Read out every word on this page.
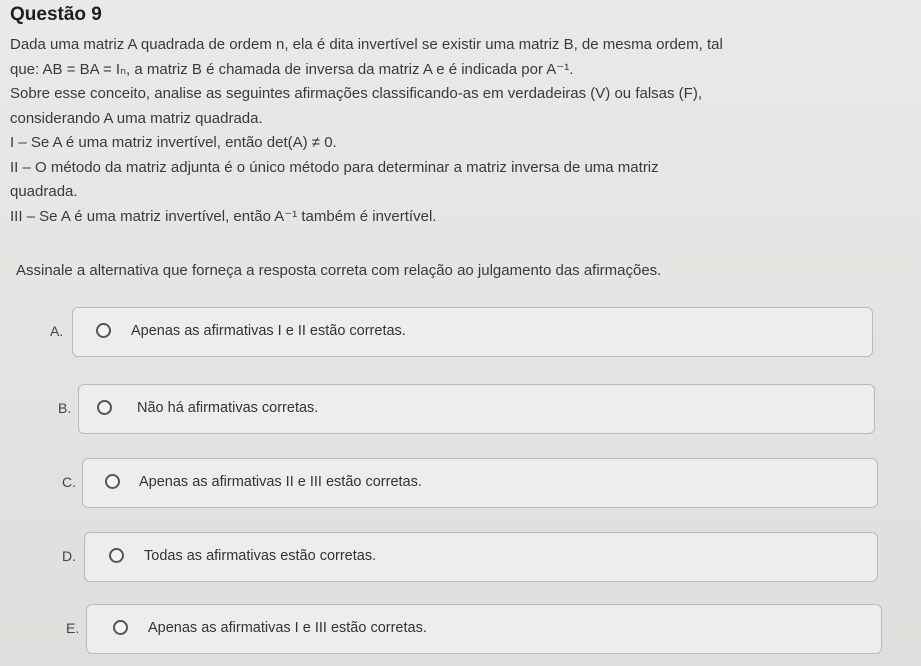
Questão 9

Dada uma matriz A quadrada de ordem n, ela é dita invertível se existir uma matriz B, de mesma ordem, tal

que: AB = BA = Iₙ, a matriz B é chamada de inversa da matriz A e é indicada por A⁻¹.

Sobre esse conceito, analise as seguintes afirmações classificando-as em verdadeiras (V) ou falsas (F),

considerando A uma matriz quadrada.

I – Se A é uma matriz invertível, então det(A) ≠ 0.

II – O método da matriz adjunta é o único método para determinar a matriz inversa de uma matriz

quadrada.

III – Se A é uma matriz invertível, então A⁻¹ também é invertível.

Assinale a alternativa que forneça a resposta correta com relação ao julgamento das afirmações.
A.	Apenas as afirmativas I e II estão corretas.
B.	Não há afirmativas corretas.
C.	Apenas as afirmativas II e III estão corretas.
D.	Todas as afirmativas estão corretas.
E.	Apenas as afirmativas I e III estão corretas.
